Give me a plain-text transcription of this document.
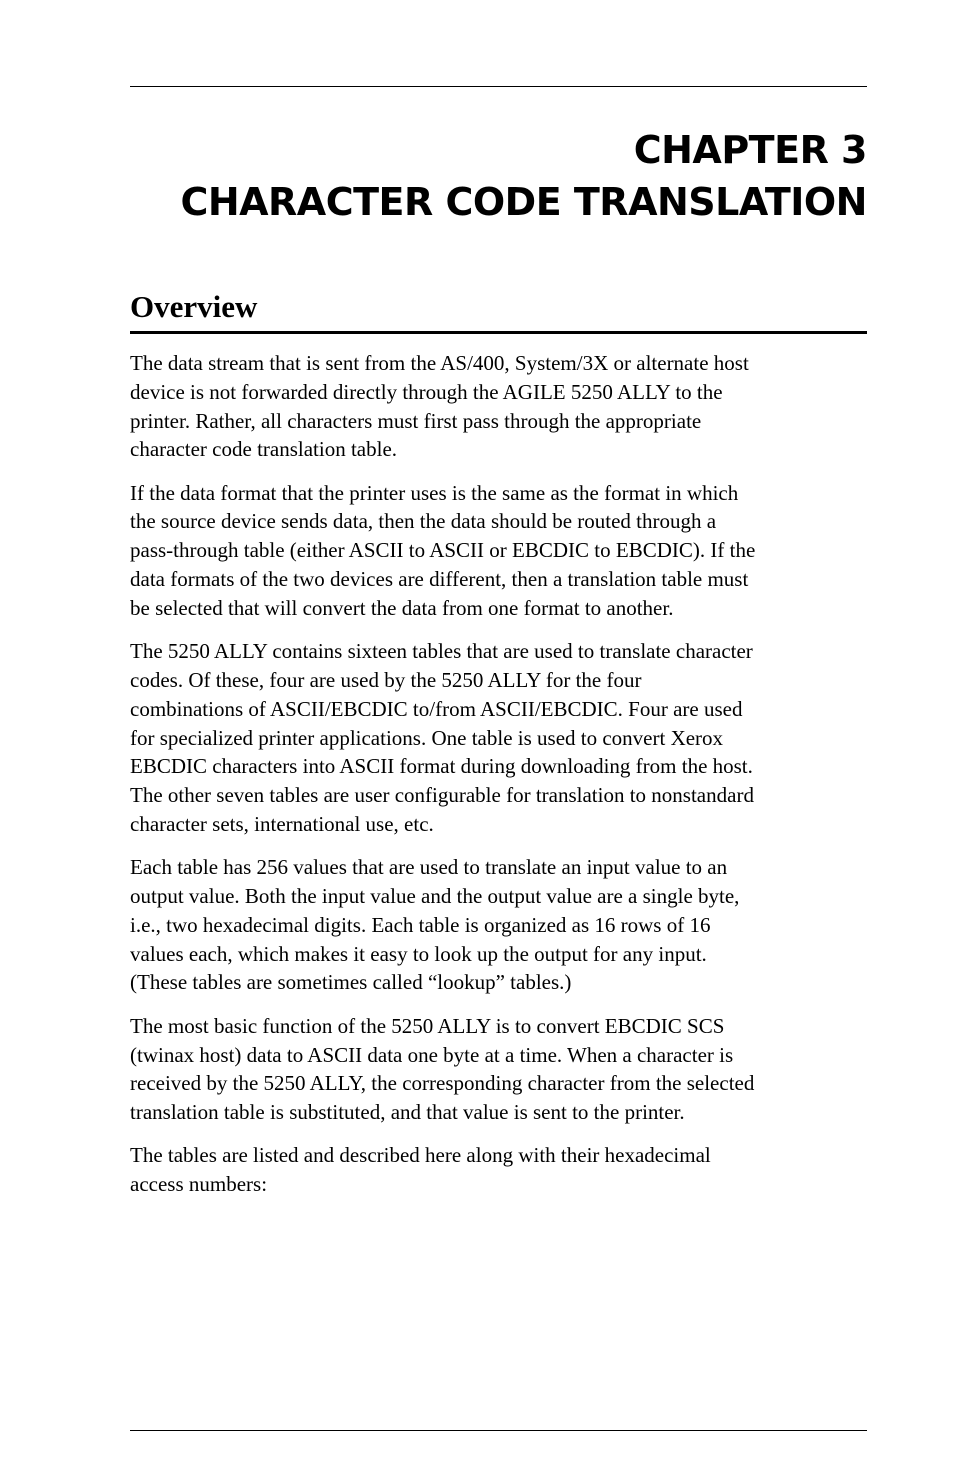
CHAPTER 3
CHARACTER CODE TRANSLATION
Overview

The data stream that is sent from the AS/400, System/3X or alternate host
device is not forwarded directly through the AGILE 5250 ALLY to the
printer. Rather, all characters must first pass through the appropriate
character code translation table.

If the data format that the printer uses is the same as the format in which
the source device sends data, then the data should be routed through a
pass-through table (either ASCII to ASCII or EBCDIC to EBCDIC). If the
data formats of the two devices are different, then a translation table must
be selected that will convert the data from one format to another.

The 5250 ALLY contains sixteen tables that are used to translate character
codes. Of these, four are used by the 5250 ALLY for the four
combinations of ASCII/EBCDIC to/from ASCII/EBCDIC. Four are used
for specialized printer applications. One table is used to convert Xerox
EBCDIC characters into ASCII format during downloading from the host.
The other seven tables are user configurable for translation to nonstandard
character sets, international use, etc.

Each table has 256 values that are used to translate an input value to an
output value. Both the input value and the output value are a single byte,
i.e., two hexadecimal digits. Each table is organized as 16 rows of 16
values each, which makes it easy to look up the output for any input.
(These tables are sometimes called “lookup” tables.)

The most basic function of the 5250 ALLY is to convert EBCDIC SCS
(twinax host) data to ASCII data one byte at a time. When a character is
received by the 5250 ALLY, the corresponding character from the selected
translation table is substituted, and that value is sent to the printer.

The tables are listed and described here along with their hexadecimal
access numbers:
